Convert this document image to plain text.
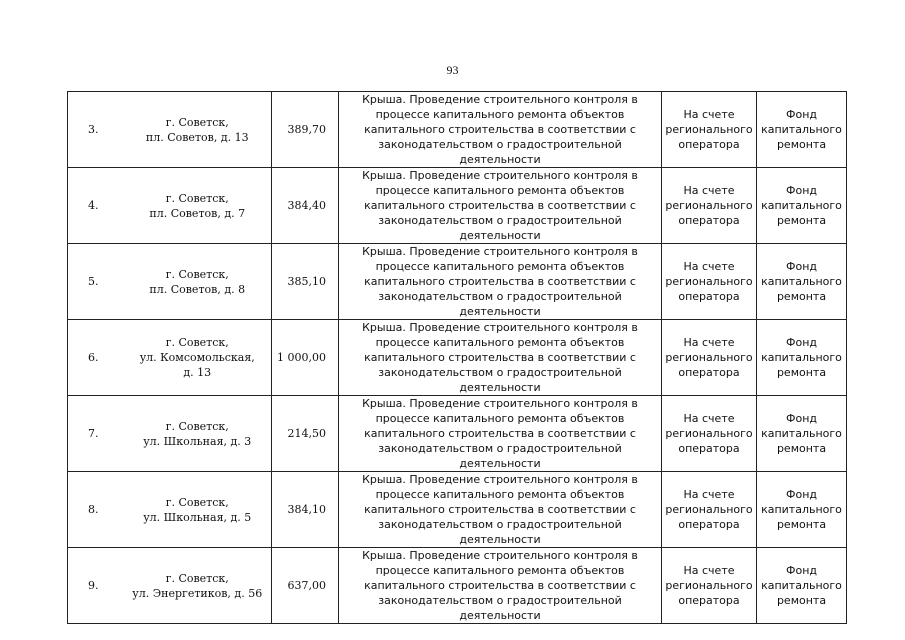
93
3.	г. Советск,
пл. Советов, д. 13	389,70	Крыша. Проведение строительного контроля в процессе капитального ремонта объектов капитального строительства в соответствии с законодательством о градостроительной деятельности	На счете регионального оператора	Фонд капитального ремонта
4.	г. Советск,
пл. Советов, д. 7	384,40	Крыша. Проведение строительного контроля в процессе капитального ремонта объектов капитального строительства в соответствии с законодательством о градостроительной деятельности	На счете регионального оператора	Фонд капитального ремонта
5.	г. Советск,
пл. Советов, д. 8	385,10	Крыша. Проведение строительного контроля в процессе капитального ремонта объектов капитального строительства в соответствии с законодательством о градостроительной деятельности	На счете регионального оператора	Фонд капитального ремонта
6.	г. Советск,
ул. Комсомольская,
д. 13	1 000,00	Крыша. Проведение строительного контроля в процессе капитального ремонта объектов капитального строительства в соответствии с законодательством о градостроительной деятельности	На счете регионального оператора	Фонд капитального ремонта
7.	г. Советск,
ул. Школьная, д. 3	214,50	Крыша. Проведение строительного контроля в процессе капитального ремонта объектов капитального строительства в соответствии с законодательством о градостроительной деятельности	На счете регионального оператора	Фонд капитального ремонта
8.	г. Советск,
ул. Школьная, д. 5	384,10	Крыша. Проведение строительного контроля в процессе капитального ремонта объектов капитального строительства в соответствии с законодательством о градостроительной деятельности	На счете регионального оператора	Фонд капитального ремонта
9.	г. Советск,
ул. Энергетиков, д. 56	637,00	Крыша. Проведение строительного контроля в процессе капитального ремонта объектов капитального строительства в соответствии с законодательством о градостроительной деятельности	На счете регионального оператора	Фонд капитального ремонта
